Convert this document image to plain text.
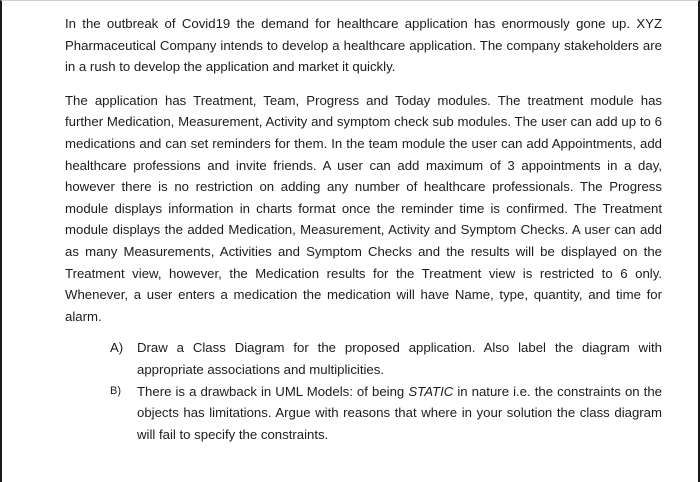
In the outbreak of Covid19 the demand for healthcare application has enormously gone up. XYZ Pharmaceutical Company intends to develop a healthcare application. The company stakeholders are in a rush to develop the application and market it quickly.

The application has Treatment, Team, Progress and Today modules. The treatment module has further Medication, Measurement, Activity and symptom check sub modules. The user can add up to 6 medications and can set reminders for them. In the team module the user can add Appointments, add healthcare professions and invite friends. A user can add maximum of 3 appointments in a day, however there is no restriction on adding any number of healthcare professionals. The Progress module displays information in charts format once the reminder time is confirmed. The Treatment module displays the added Medication, Measurement, Activity and Symptom Checks. A user can add as many Measurements, Activities and Symptom Checks and the results will be displayed on the Treatment view, however, the Medication results for the Treatment view is restricted to 6 only. Whenever, a user enters a medication the medication will have Name, type, quantity, and time for alarm.

A) Draw a Class Diagram for the proposed application. Also label the diagram with appropriate associations and multiplicities.
B) There is a drawback in UML Models: of being STATIC in nature i.e. the constraints on the objects has limitations. Argue with reasons that where in your solution the class diagram will fail to specify the constraints.
